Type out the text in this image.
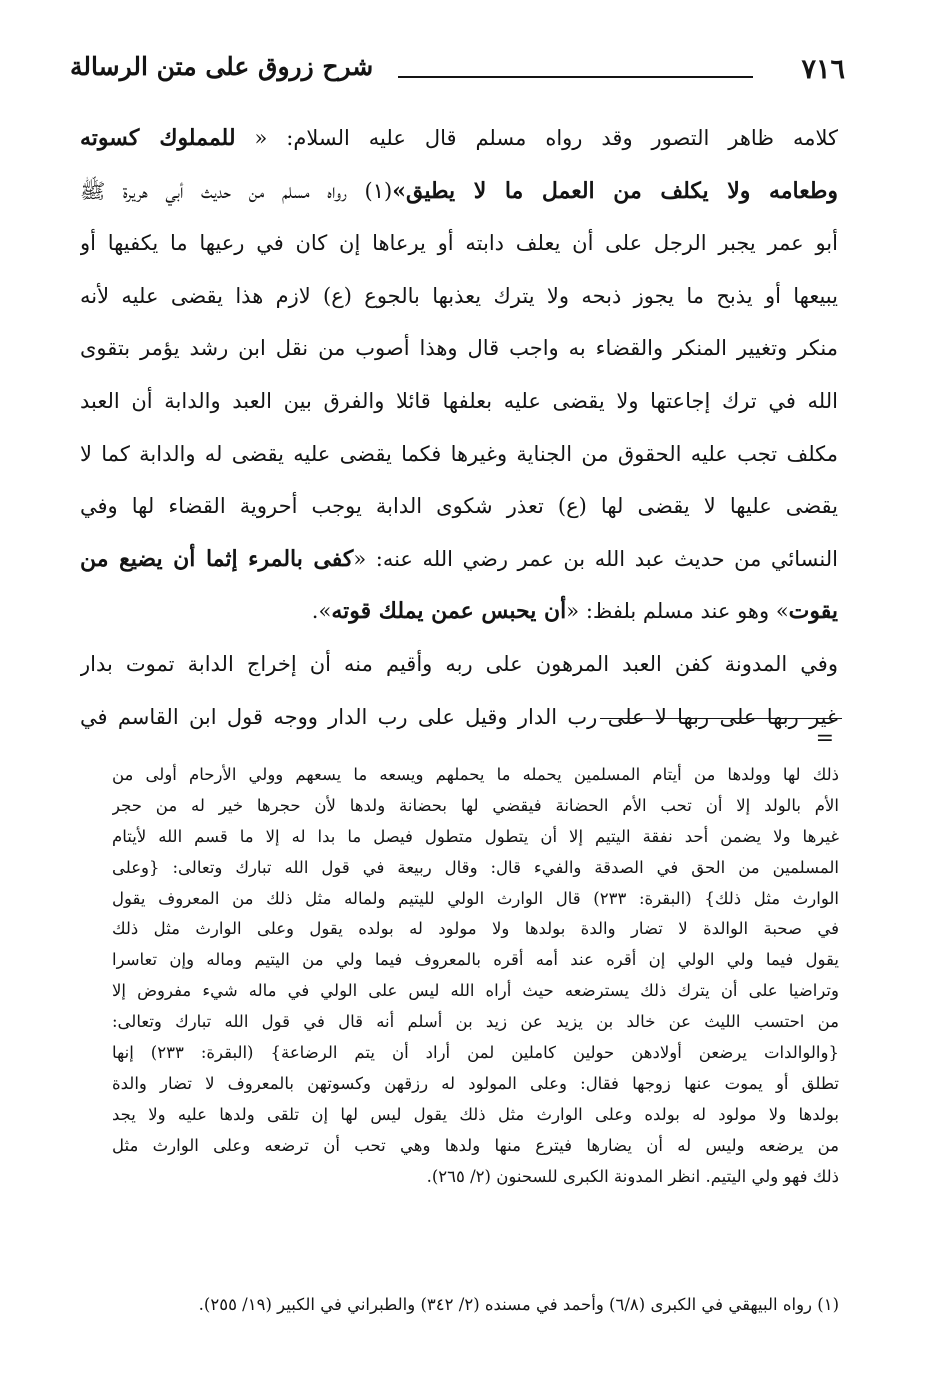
٧١٦
شرح زروق على متن الرسالة
كلامه ظاهر التصور وقد رواه مسلم قال عليه السلام: « للمملوك كسوته
وطعامه ولا يكلف من العمل ما لا يطيق»(١) رواه مسلم من حديث أبي هريرة ﷺ
أبو عمر يجبر الرجل على أن يعلف دابته أو يرعاها إن كان في رعيها ما يكفيها أو
يبيعها أو يذبح ما يجوز ذبحه ولا يترك يعذبها بالجوع (ع) لازم هذا يقضى عليه لأنه
منكر وتغيير المنكر والقضاء به واجب قال وهذا أصوب من نقل ابن رشد يؤمر بتقوى
الله في ترك إجاعتها ولا يقضى عليه بعلفها قائلا والفرق بين العبد والدابة أن العبد
مكلف تجب عليه الحقوق من الجناية وغيرها فكما يقضى عليه يقضى له والدابة كما لا
يقضى عليها لا يقضى لها (ع) تعذر شكوى الدابة يوجب أحروية القضاء لها وفي
النسائي من حديث عبد الله بن عمر رضي الله عنه: «كفى بالمرء إثما أن يضيع من
يقوت» وهو عند مسلم بلفظ: «أن يحبس عمن يملك قوته».
وفي المدونة كفن العبد المرهون على ربه وأقيم منه أن إخراج الدابة تموت بدار
غير ربها على ربها لا على رب الدار وقيل على رب الدار ووجه قول ابن القاسم في
=
ذلك لها وولدها من أيتام المسلمين يحمله ما يحملهم ويسعه ما يسعهم وولي الأرحام أولى من
الأم بالولد إلا أن تحب الأم الحضانة فيقضي لها بحضانة ولدها لأن حجرها خير له من حجر
غيرها ولا يضمن أحد نفقة اليتيم إلا أن يتطول متطول فيصل ما بدا له إلا ما قسم الله لأيتام
المسلمين من الحق في الصدقة والفيء قال: وقال ربيعة في قول الله تبارك وتعالى: {وعلى
الوارث مثل ذلك} (البقرة: ٢٣٣) قال الوارث الولي لليتيم ولماله مثل ذلك من المعروف يقول
في صحبة الوالدة لا تضار والدة بولدها ولا مولود له بولده يقول وعلى الوارث مثل ذلك
يقول فيما ولي الولي إن أقره عند أمه أقره بالمعروف فيما ولي من اليتيم وماله وإن تعاسرا
وتراضيا على أن يترك ذلك يسترضعه حيث أراه الله ليس على الولي في ماله شيء مفروض إلا
من احتسب الليث عن خالد بن يزيد عن زيد بن أسلم أنه قال في قول الله تبارك وتعالى:
{والوالدات يرضعن أولادهن حولين كاملين لمن أراد أن يتم الرضاعة} (البقرة: ٢٣٣) إنها
تطلق أو يموت عنها زوجها فقال: وعلى المولود له رزقهن وكسوتهن بالمعروف لا تضار والدة
بولدها ولا مولود له بولده وعلى الوارث مثل ذلك يقول ليس لها إن تلقى ولدها عليه ولا يجد
من يرضعه وليس له أن يضارها فيترع منها ولدها وهي تحب أن ترضعه وعلى الوارث مثل
ذلك فهو ولي اليتيم. انظر المدونة الكبرى للسحنون (٢/ ٢٦٥).
(١) رواه البيهقي في الكبرى (٦/٨) وأحمد في مسنده (٢/ ٣٤٢) والطبراني في الكبير (١٩/ ٢٥٥).
